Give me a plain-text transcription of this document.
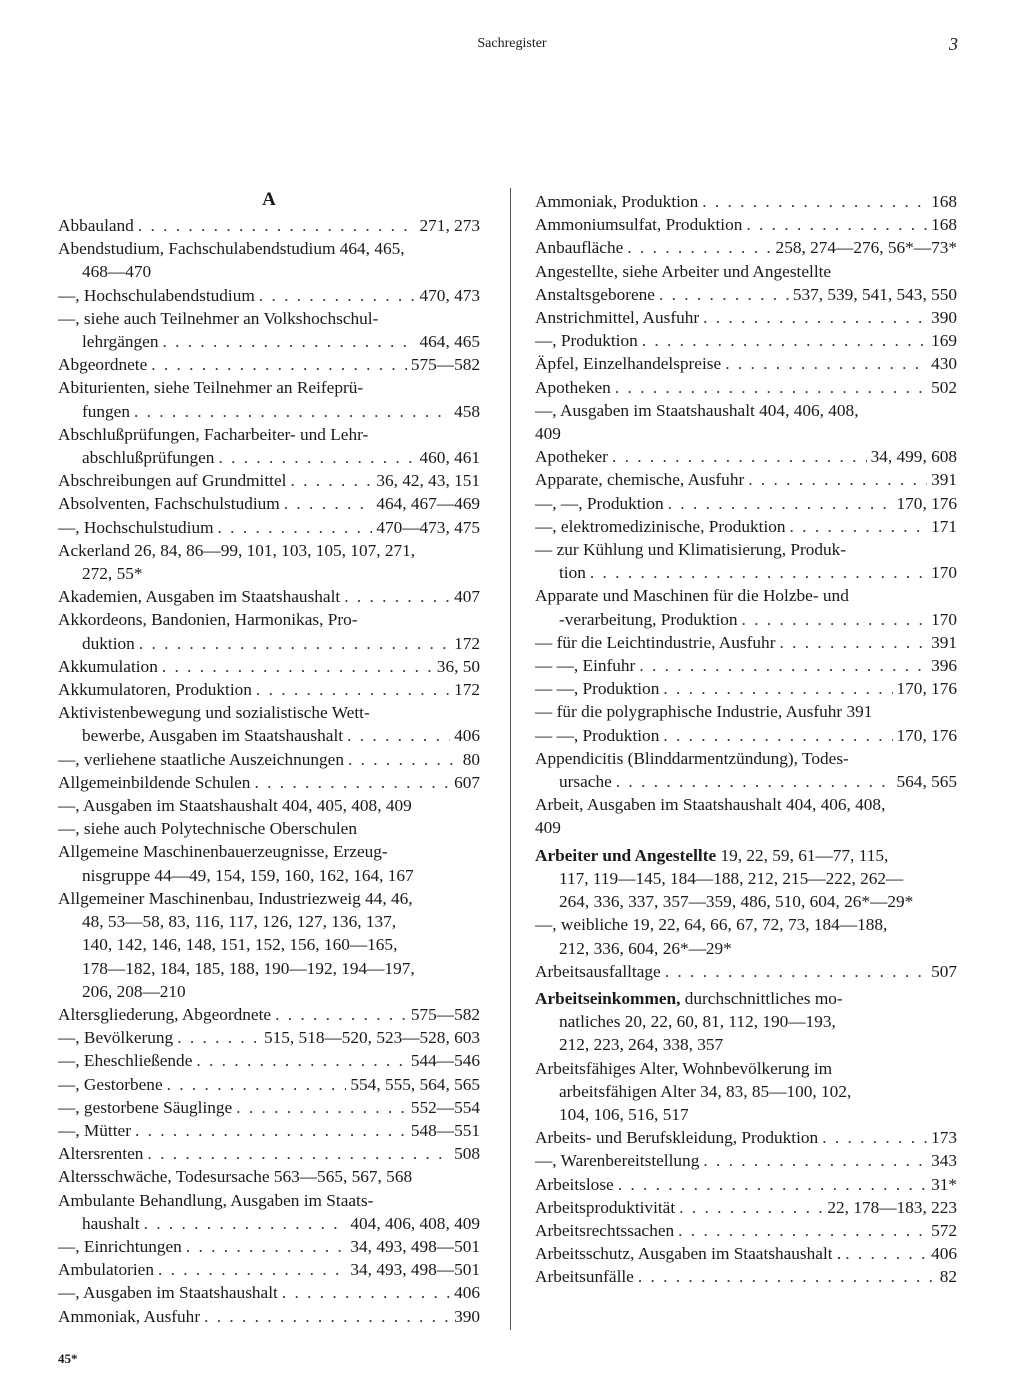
Sachregister	3
A
Abbauland . . .	271, 273
Abendstudium, Fachschulabendstudium 464, 465,
468—470
—, Hochschulabendstudium . . .	470, 473
—, siehe auch Teilnehmer an Volkshochschul-
lehrgängen . . .	464, 465
Abgeordnete . . .	575—582
Abiturienten, siehe Teilnehmer an Reifeprü-
fungen . . .	458
Abschlußprüfungen, Facharbeiter- und Lehr-
abschlußprüfungen . . .	460, 461
Abschreibungen auf Grundmittel . . .	36, 42, 43, 151
Absolventen, Fachschulstudium . . .	464, 467—469
—, Hochschulstudium . . .	470—473, 475
Ackerland 26, 84, 86—99, 101, 103, 105, 107, 271,
272, 55*
Akademien, Ausgaben im Staatshaushalt . . .	407
Akkordeons, Bandonien, Harmonikas, Pro-
duktion . . .	172
Akkumulation . . .	36, 50
Akkumulatoren, Produktion . . .	172
Aktivistenbewegung und sozialistische Wett-
bewerbe, Ausgaben im Staatshaushalt . . .	406
—, verliehene staatliche Auszeichnungen . . .	80
Allgemeinbildende Schulen . . .	607
—, Ausgaben im Staatshaushalt 404, 405, 408, 409
—, siehe auch Polytechnische Oberschulen
Allgemeine Maschinenbauerzeugnisse, Erzeug-
nisgruppe 44—49, 154, 159, 160, 162, 164, 167
Allgemeiner Maschinenbau, Industriezweig 44, 46,
48, 53—58, 83, 116, 117, 126, 127, 136, 137,
140, 142, 146, 148, 151, 152, 156, 160—165,
178—182, 184, 185, 188, 190—192, 194—197,
206, 208—210
Altersgliederung, Abgeordnete . . .	575—582
—, Bevölkerung . . .	515, 518—520, 523—528, 603
—, Eheschließende . . .	544—546
—, Gestorbene . . .	554, 555, 564, 565
—, gestorbene Säuglinge . . .	552—554
—, Mütter . . .	548—551
Altersrenten . . .	508
Altersschwäche, Todesursache 563—565, 567, 568
Ambulante Behandlung, Ausgaben im Staats-
haushalt . . .	404, 406, 408, 409
—, Einrichtungen . . .	34, 493, 498—501
Ambulatorien . . .	34, 493, 498—501
—, Ausgaben im Staatshaushalt . . .	406
Ammoniak, Ausfuhr . . .	390
Ammoniak, Produktion . . .	168
Ammoniumsulfat, Produktion . . .	168
Anbaufläche . . .	258, 274—276, 56*—73*
Angestellte, siehe Arbeiter und Angestellte
Anstaltsgeborene . . .	537, 539, 541, 543, 550
Anstrichmittel, Ausfuhr . . .	390
—, Produktion . . .	169
Äpfel, Einzelhandelspreise . . .	430
Apotheken . . .	502
—, Ausgaben im Staatshaushalt 404, 406, 408,
409
Apotheker . . .	34, 499, 608
Apparate, chemische, Ausfuhr . . .	391
—, —, Produktion . . .	170, 176
—, elektromedizinische, Produktion . . .	171
— zur Kühlung und Klimatisierung, Produk-
tion . . .	170
Apparate und Maschinen für die Holzbe- und
-verarbeitung, Produktion . . .	170
— für die Leichtindustrie, Ausfuhr . . .	391
— —, Einfuhr . . .	396
— —, Produktion . . .	170, 176
— für die polygraphische Industrie, Ausfuhr 391
— —, Produktion . . .	170, 176
Appendicitis (Blinddarmentzündung), Todes-
ursache . . .	564, 565
Arbeit, Ausgaben im Staatshaushalt 404, 406, 408,
409
Arbeiter und Angestellte 19, 22, 59, 61—77, 115,
117, 119—145, 184—188, 212, 215—222, 262—
264, 336, 337, 357—359, 486, 510, 604, 26*—29*
—, weibliche 19, 22, 64, 66, 67, 72, 73, 184—188,
212, 336, 604, 26*—29*
Arbeitsausfalltage . . .	507
Arbeitseinkommen, durchschnittliches mo-
natliches 20, 22, 60, 81, 112, 190—193,
212, 223, 264, 338, 357
Arbeitsfähiges Alter, Wohnbevölkerung im
arbeitsfähigen Alter 34, 83, 85—100, 102,
104, 106, 516, 517
Arbeits- und Berufskleidung, Produktion . . .	173
—, Warenbereitstellung . . .	343
Arbeitslose . . .	31*
Arbeitsproduktivität . . .	22, 178—183, 223
Arbeitsrechtssachen . . .	572
Arbeitsschutz, Ausgaben im Staatshaushalt . . . .	406
Arbeitsunfälle . . .	82
45*
